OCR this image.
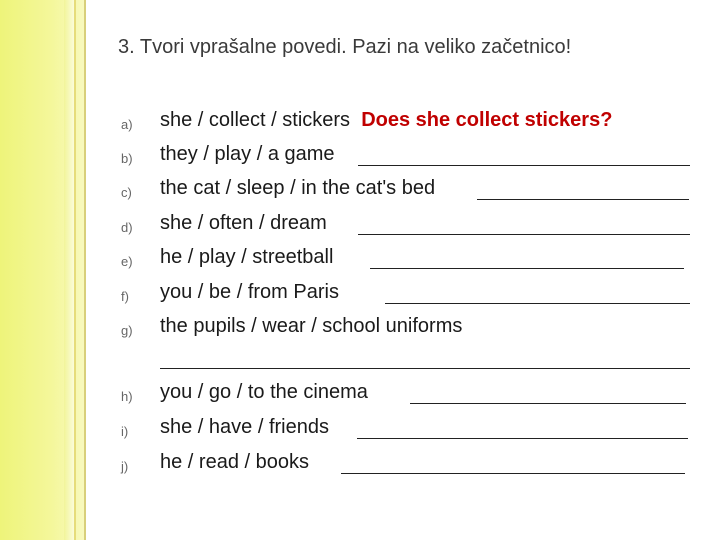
3. Tvori vprašalne povedi. Pazi na veliko začetnico!
a) she / collect / stickers Does she collect stickers?
b) they / play / a game
c) the cat / sleep / in the cat's bed
d) she / often / dream
e) he / play / streetball
f) you / be / from Paris
g) the pupils / wear / school uniforms
h) you / go / to the cinema
i) she / have / friends
j) he / read / books
